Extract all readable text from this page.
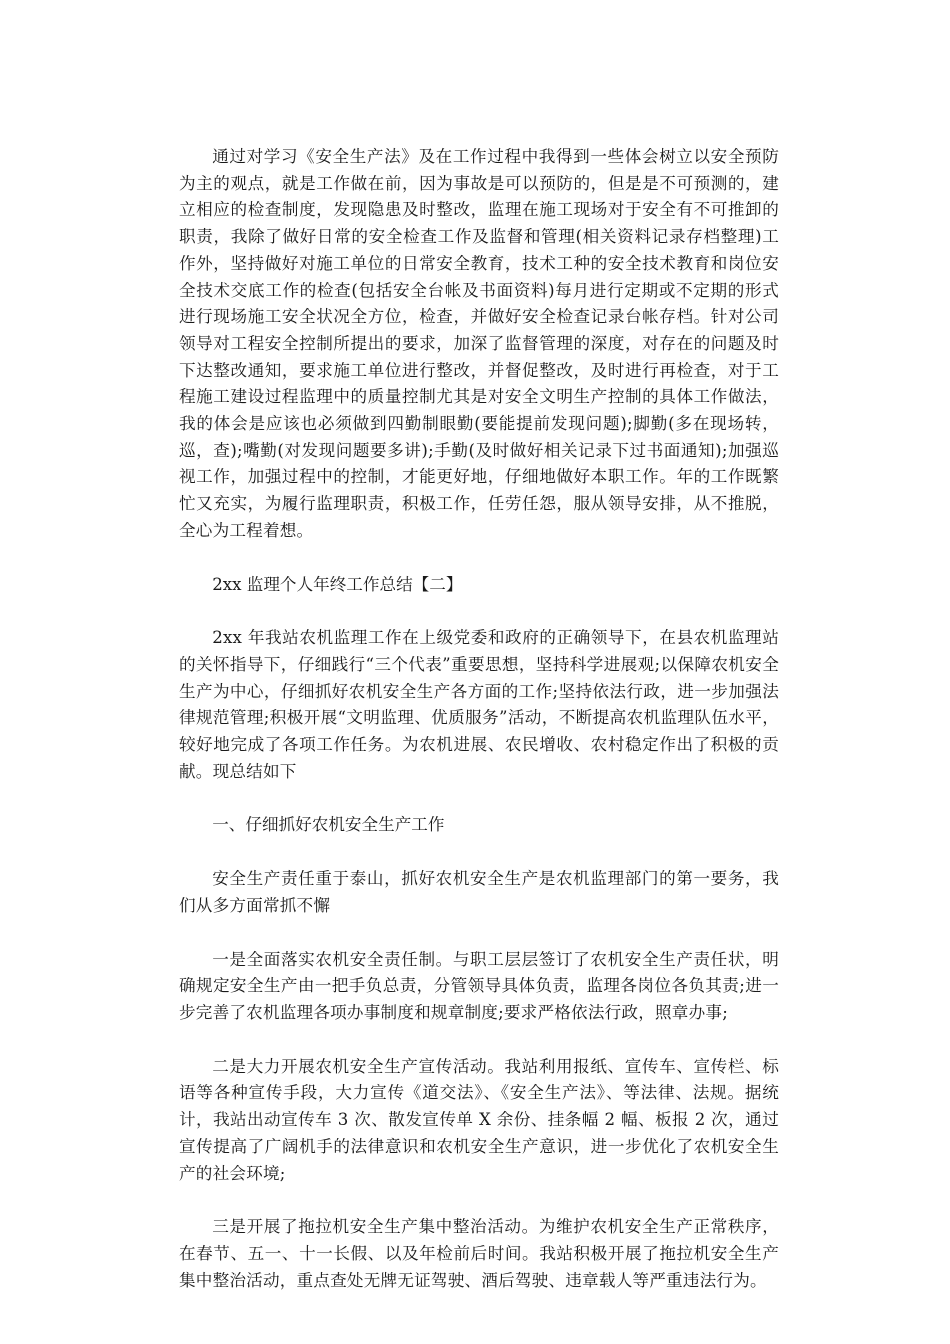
通过对学习《安全生产法》及在工作过程中我得到一些体会树立以安全预防为主的观点，就是工作做在前，因为事故是可以预防的，但是是不可预测的，建立相应的检查制度，发现隐患及时整改，监理在施工现场对于安全有不可推卸的职责，我除了做好日常的安全检查工作及监督和管理(相关资料记录存档整理)工作外，坚持做好对施工单位的日常安全教育，技术工种的安全技术教育和岗位安全技术交底工作的检查(包括安全台帐及书面资料)每月进行定期或不定期的形式进行现场施工安全状况全方位，检查，并做好安全检查记录台帐存档。针对公司领导对工程安全控制所提出的要求，加深了监督管理的深度，对存在的问题及时下达整改通知，要求施工单位进行整改，并督促整改，及时进行再检查，对于工程施工建设过程监理中的质量控制尤其是对安全文明生产控制的具体工作做法，我的体会是应该也必须做到四勤制眼勤(要能提前发现问题);脚勤(多在现场转，巡，查);嘴勤(对发现问题要多讲);手勤(及时做好相关记录下过书面通知);加强巡视工作，加强过程中的控制，才能更好地，仔细地做好本职工作。年的工作既繁忙又充实，为履行监理职责，积极工作，任劳任怨，服从领导安排，从不推脱，全心为工程着想。

2xx 监理个人年终工作总结【二】

2xx 年我站农机监理工作在上级党委和政府的正确领导下，在县农机监理站的关怀指导下，仔细践行“三个代表”重要思想，坚持科学进展观;以保障农机安全生产为中心，仔细抓好农机安全生产各方面的工作;坚持依法行政，进一步加强法律规范管理;积极开展“文明监理、优质服务”活动，不断提高农机监理队伍水平，较好地完成了各项工作任务。为农机进展、农民增收、农村稳定作出了积极的贡献。现总结如下

一、仔细抓好农机安全生产工作

安全生产责任重于泰山，抓好农机安全生产是农机监理部门的第一要务，我们从多方面常抓不懈

一是全面落实农机安全责任制。与职工层层签订了农机安全生产责任状，明确规定安全生产由一把手负总责，分管领导具体负责，监理各岗位各负其责;进一步完善了农机监理各项办事制度和规章制度;要求严格依法行政，照章办事;

二是大力开展农机安全生产宣传活动。我站利用报纸、宣传车、宣传栏、标语等各种宣传手段，大力宣传《道交法》、《安全生产法》、等法律、法规。据统计，我站出动宣传车 3 次、散发宣传单 X 余份、挂条幅 2 幅、板报 2 次，通过宣传提高了广阔机手的法律意识和农机安全生产意识，进一步优化了农机安全生产的社会环境;

三是开展了拖拉机安全生产集中整治活动。为维护农机安全生产正常秩序，在春节、五一、十一长假、以及年检前后时间。我站积极开展了拖拉机安全生产集中整治活动，重点查处无牌无证驾驶、酒后驾驶、违章载人等严重违法行为。
